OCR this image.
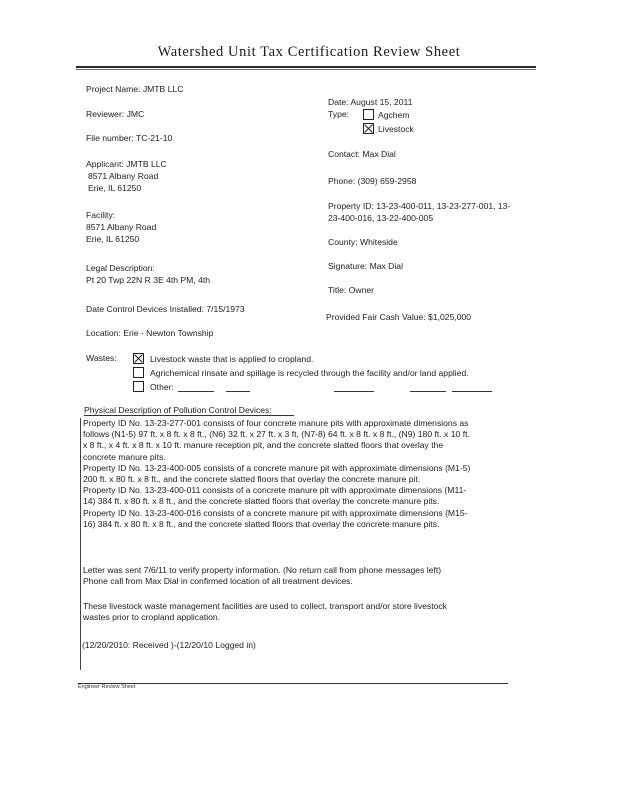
Watershed Unit Tax Certification Review Sheet
Project Name: JMTB LLC
Reviewer: JMC
File number: TC-21-10
Applicant: JMTB LLC
8571 Albany Road
Erie, IL 61250
Facility:
8571 Albany Road
Erie, IL 61250
Legal Description:
Pt 20 Twp 22N R 3E 4th PM, 4th
Date Control Devices Installed: 7/15/1973
Location: Erie - Newton Township
Date: August 15, 2011
Type:	Agchem
Livestock
Contact: Max Dial
Phone: (309) 659-2958
Property ID: 13-23-400-011, 13-23-277-001, 13-
23-400-016, 13-22-400-005
County: Whiteside
Signature: Max Dial
Title: Owner
Provided Fair Cash Value: $1,025,000
Wastes:	Livestock waste that is applied to cropland.
Agrichemical rinsate and spillage is recycled through the facility and/or land applied.
Other:
Physical Description of Pollution Control Devices:
Property ID No. 13-23-277-001 consists of four concrete manure pits with approximate dimensions as
follows (N1-5) 97 ft. x 8 ft. x 8 ft., (N6) 32 ft. x 27 ft. x 3 ft, (N7-8) 64 ft. x 8 ft. x 8 ft., (N9) 180 ft. x 10 ft.
x 8 ft., x 4 ft. x 8 ft. x 10 ft. manure reception pit, and the concrete slatted floors that overlay the
concrete manure pits.
Property ID No. 13-23-400-005 consists of a concrete manure pit with approximate dimensions (M1-5)
200 ft. x 80 ft. x 8 ft., and the concrete slatted floors that overlay the concrete manure pit.
Property ID No. 13-23-400-011 consists of a concrete manure pit with approximate dimensions (M11-
14) 384 ft. x 80 ft. x 8 ft., and the concrete slatted floors that overlay the concrete manure pits.
Property ID No. 13-23-400-016 consists of a concrete manure pit with approximate dimensions (M15-
16) 384 ft. x 80 ft. x 8 ft., and the concrete slatted floors that overlay the concrete manure pits.
Letter was sent 7/6/11 to verify property information. (No return call from phone messages left)
Phone call from Max Dial in confirmed location of all treatment devices.
These livestock waste management facilities are used to collect, transport and/or store livestock
wastes prior to cropland application.
(12/20/2010: Received )-(12/20/10 Logged in)
Engineer Review Sheet
